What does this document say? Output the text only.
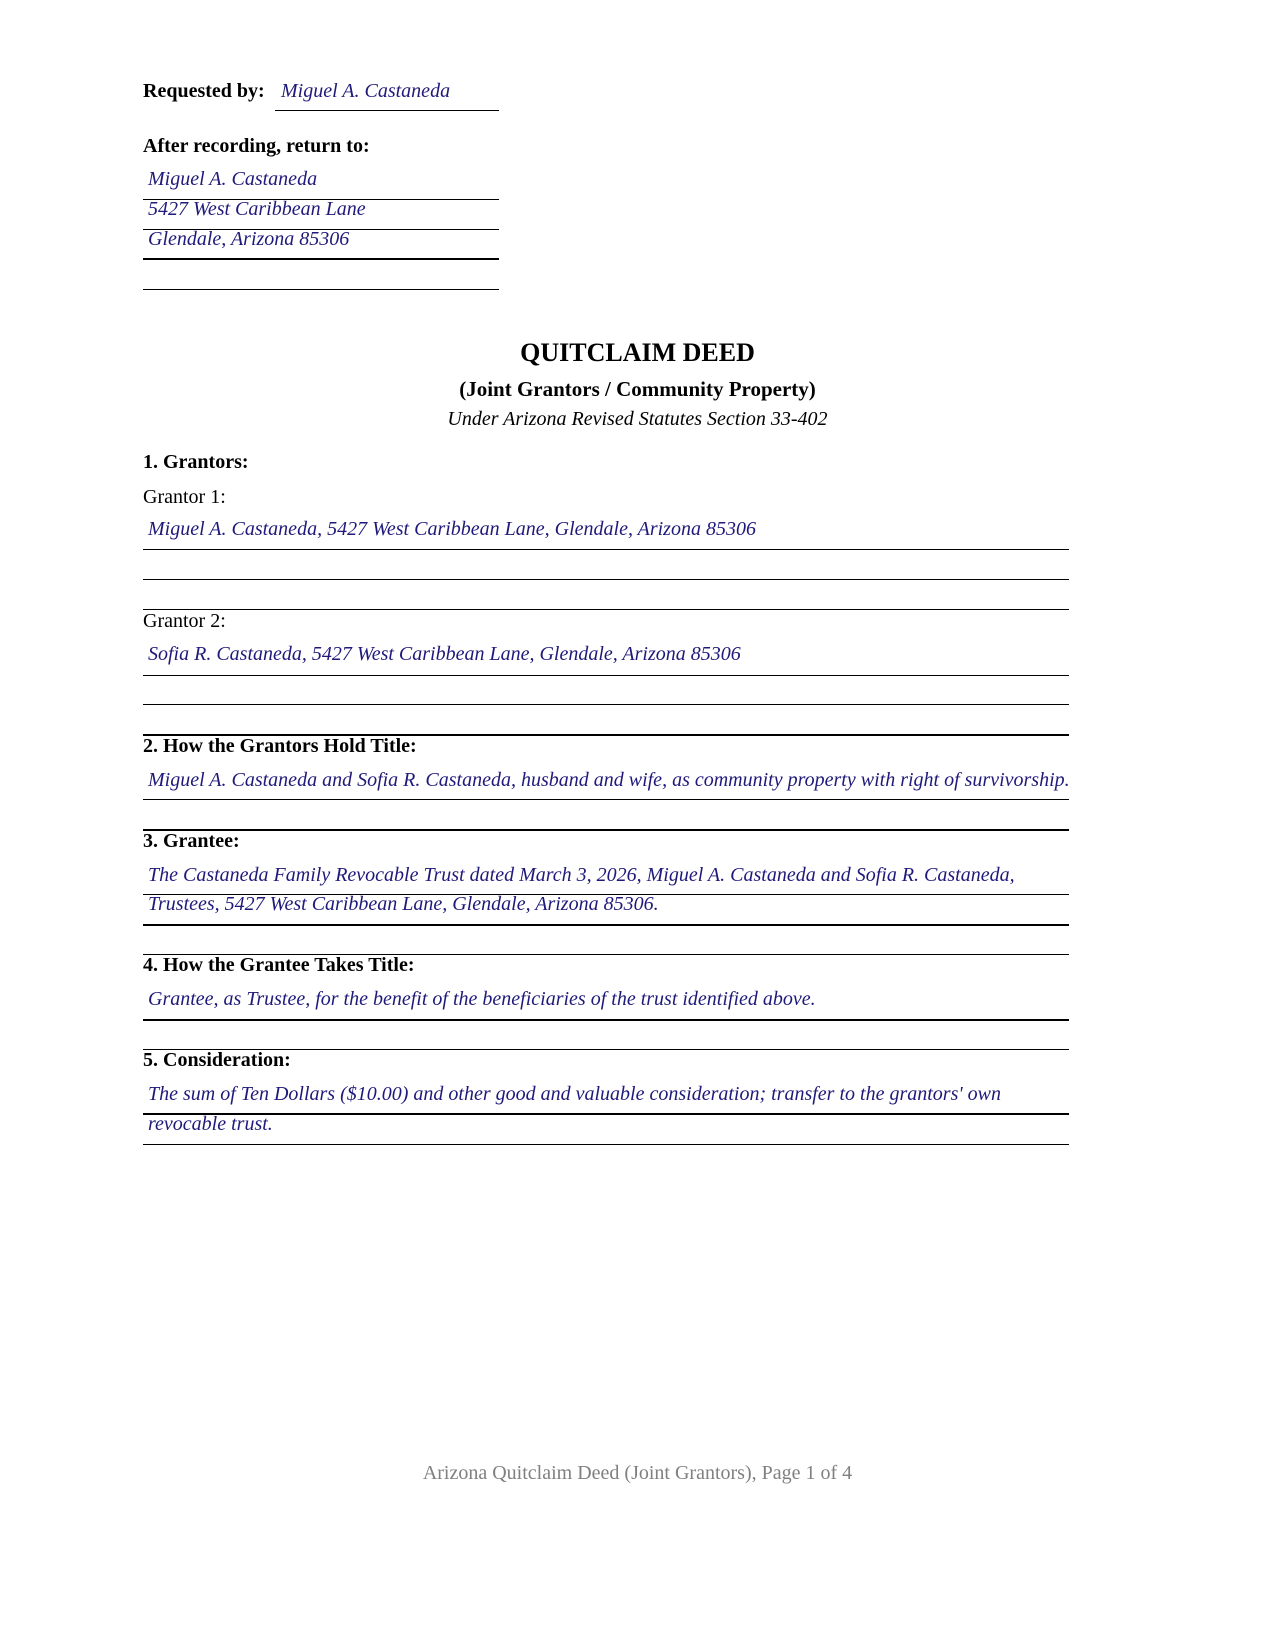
Requested by: Miguel A. Castaneda
After recording, return to:
Miguel A. Castaneda
5427 West Caribbean Lane
Glendale, Arizona 85306
QUITCLAIM DEED
(Joint Grantors / Community Property)
Under Arizona Revised Statutes Section 33-402
1. Grantors:
Grantor 1:
Miguel A. Castaneda, 5427 West Caribbean Lane, Glendale, Arizona 85306
Grantor 2:
Sofia R. Castaneda, 5427 West Caribbean Lane, Glendale, Arizona 85306
2. How the Grantors Hold Title:
Miguel A. Castaneda and Sofia R. Castaneda, husband and wife, as community property with right of survivorship.
3. Grantee:
The Castaneda Family Revocable Trust dated March 3, 2026, Miguel A. Castaneda and Sofia R. Castaneda,
Trustees, 5427 West Caribbean Lane, Glendale, Arizona 85306.
4. How the Grantee Takes Title:
Grantee, as Trustee, for the benefit of the beneficiaries of the trust identified above.
5. Consideration:
The sum of Ten Dollars ($10.00) and other good and valuable consideration; transfer to the grantors' own
revocable trust.
Arizona Quitclaim Deed (Joint Grantors), Page 1 of 4
